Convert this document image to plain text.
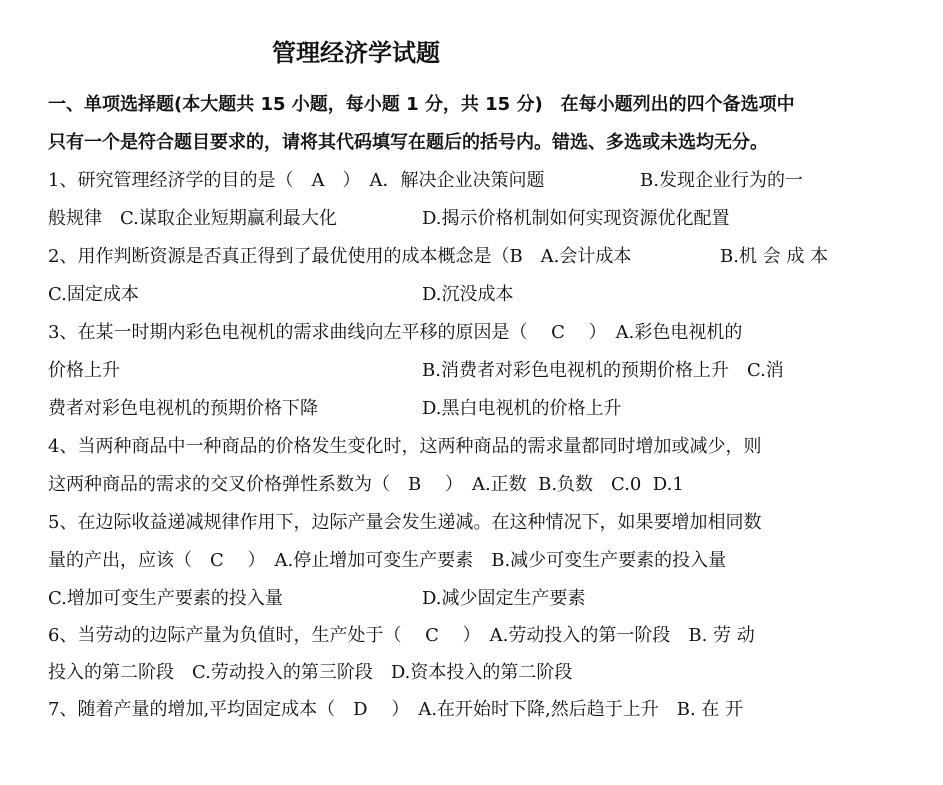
管理经济学试题
一、单项选择题(本大题共 15 小题，每小题 1 分，共 15 分)　在每小题列出的四个备选项中
只有一个是符合题目要求的，请将其代码填写在题后的括号内。错选、多选或未选均无分。

1、研究管理经济学的目的是（　A　）　A．解决企业决策问题

	B.发现企业行为的一

般规律　C.谋取企业短期赢利最大化

	D.揭示价格机制如何实现资源优化配置

2、用作判断资源是否真正得到了最优使用的成本概念是（B　A.会计成本

	B.机 会 成 本

C.固定成本

	D.沉没成本

3、在某一时期内彩色电视机的需求曲线向左平移的原因是（　 C　 ）　A.彩色电视机的

价格上升

	B.消费者对彩色电视机的预期价格上升　C.消

费者对彩色电视机的预期价格下降

	D.黑白电视机的价格上升

4、当两种商品中一种商品的价格发生变化时，这两种商品的需求量都同时增加或减少，则

这两种商品的需求的交叉价格弹性系数为（　B　 ）　A.正数  B.负数　C.0  D.1

5、在边际收益递减规律作用下，边际产量会发生递减。在这种情况下，如果要增加相同数

量的产出，应该（　C　 ）　A.停止增加可变生产要素　B.减少可变生产要素的投入量

C.增加可变生产要素的投入量

	D.减少固定生产要素

6、当劳动的边际产量为负值时，生产处于（　 C　 ）　A.劳动投入的第一阶段　B. 劳 动

投入的第二阶段　C.劳动投入的第三阶段　D.资本投入的第二阶段

7、随着产量的增加,平均固定成本（　D　 ）　A.在开始时下降,然后趋于上升　B. 在 开
